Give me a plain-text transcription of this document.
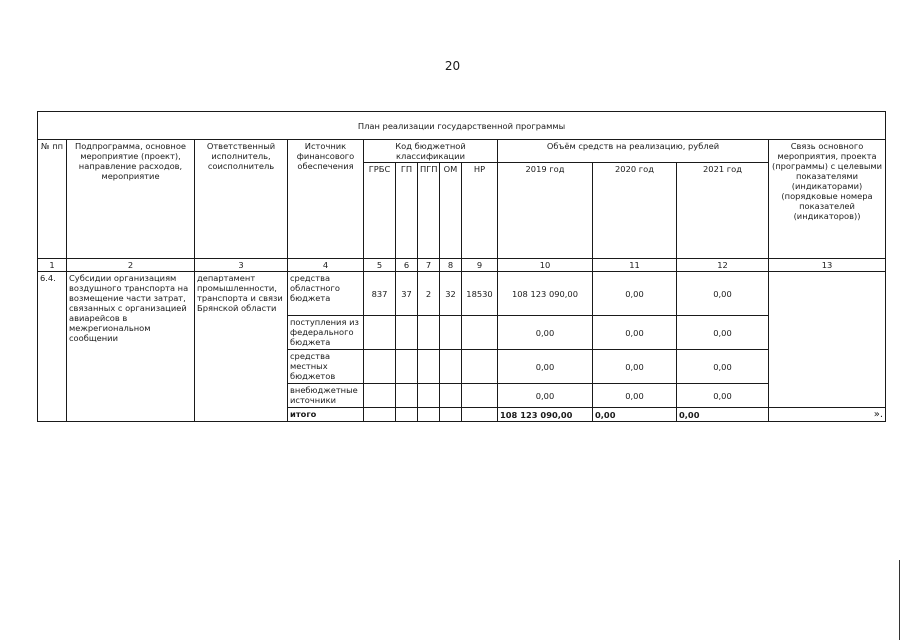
20
План реализации государственной программы												
№ пп	Подпрограмма, основное мероприятие (проект), направление расходов, мероприятие	Ответственный исполнитель, соисполнитель	Источник финансового обеспечения	Код бюджетной классификации					Объём средств на реализацию, рублей			Связь основного мероприятия, проекта (программы) с целевыми показателями (индикаторами) (порядковые номера показателей (индикаторов))
				ГРБС	ГП	ПГП	ОМ	НР	2019 год	2020 год	2021 год	
1	2	3	4	5	6	7	8	9	10	11	12	13
6.4.	Субсидии организациям воздушного транспорта на возмещение части затрат, связанных с организацией авиарейсов в межрегиональном сообщении	департамент промышленности, транспорта и связи Брянской области	средства областного бюджета	837	37	2	32	18530	108 123 090,00	0,00	0,00	
			поступления из федерального бюджета						0,00	0,00	0,00	
			средства местных бюджетов						0,00	0,00	0,00	
			внебюджетные источники						0,00	0,00	0,00	
			итого						108 123 090,00	0,00	0,00	».
